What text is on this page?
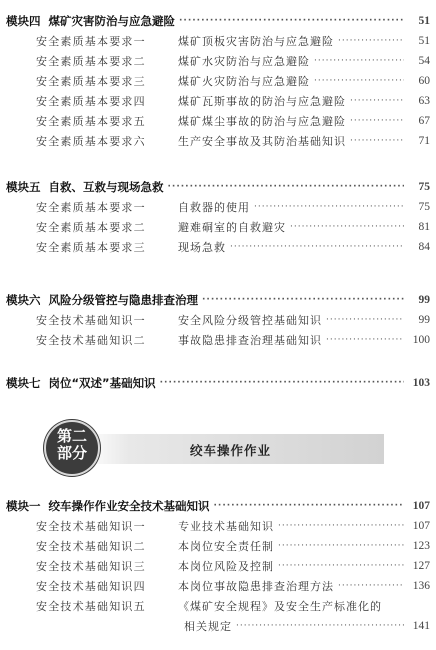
模块四 煤矿灾害防治与应急避险 ·····	51
安全素质基本要求一	煤矿顶板灾害防治与应急避险 ·····	51
安全素质基本要求二	煤矿水灾防治与应急避险 ·····	54
安全素质基本要求三	煤矿火灾防治与应急避险 ·····	60
安全素质基本要求四	煤矿瓦斯事故的防治与应急避险 ·····	63
安全素质基本要求五	煤矿煤尘事故的防治与应急避险 ·····	67
安全素质基本要求六	生产安全事故及其防治基础知识 ·····	71
模块五 自救、互救与现场急救 ·····	75
安全素质基本要求一	自救器的使用 ·····	75
安全素质基本要求二	避难硐室的自救避灾 ·····	81
安全素质基本要求三	现场急救 ·····	84
模块六 风险分级管控与隐患排查治理 ·····	99
安全技术基础知识一	安全风险分级管控基础知识 ·····	99
安全技术基础知识二	事故隐患排查治理基础知识 ·····	100
模块七 岗位“双述”基础知识 ·····	103
第二
部分	绞车操作作业
模块一 绞车操作作业安全技术基础知识 ·····	107
安全技术基础知识一	专业技术基础知识 ·····	107
安全技术基础知识二	本岗位安全责任制 ·····	123
安全技术基础知识三	本岗位风险及控制 ·····	127
安全技术基础知识四	本岗位事故隐患排查治理方法 ·····	136
安全技术基础知识五	《煤矿安全规程》及安全生产标准化的
相关规定 ·····	141
